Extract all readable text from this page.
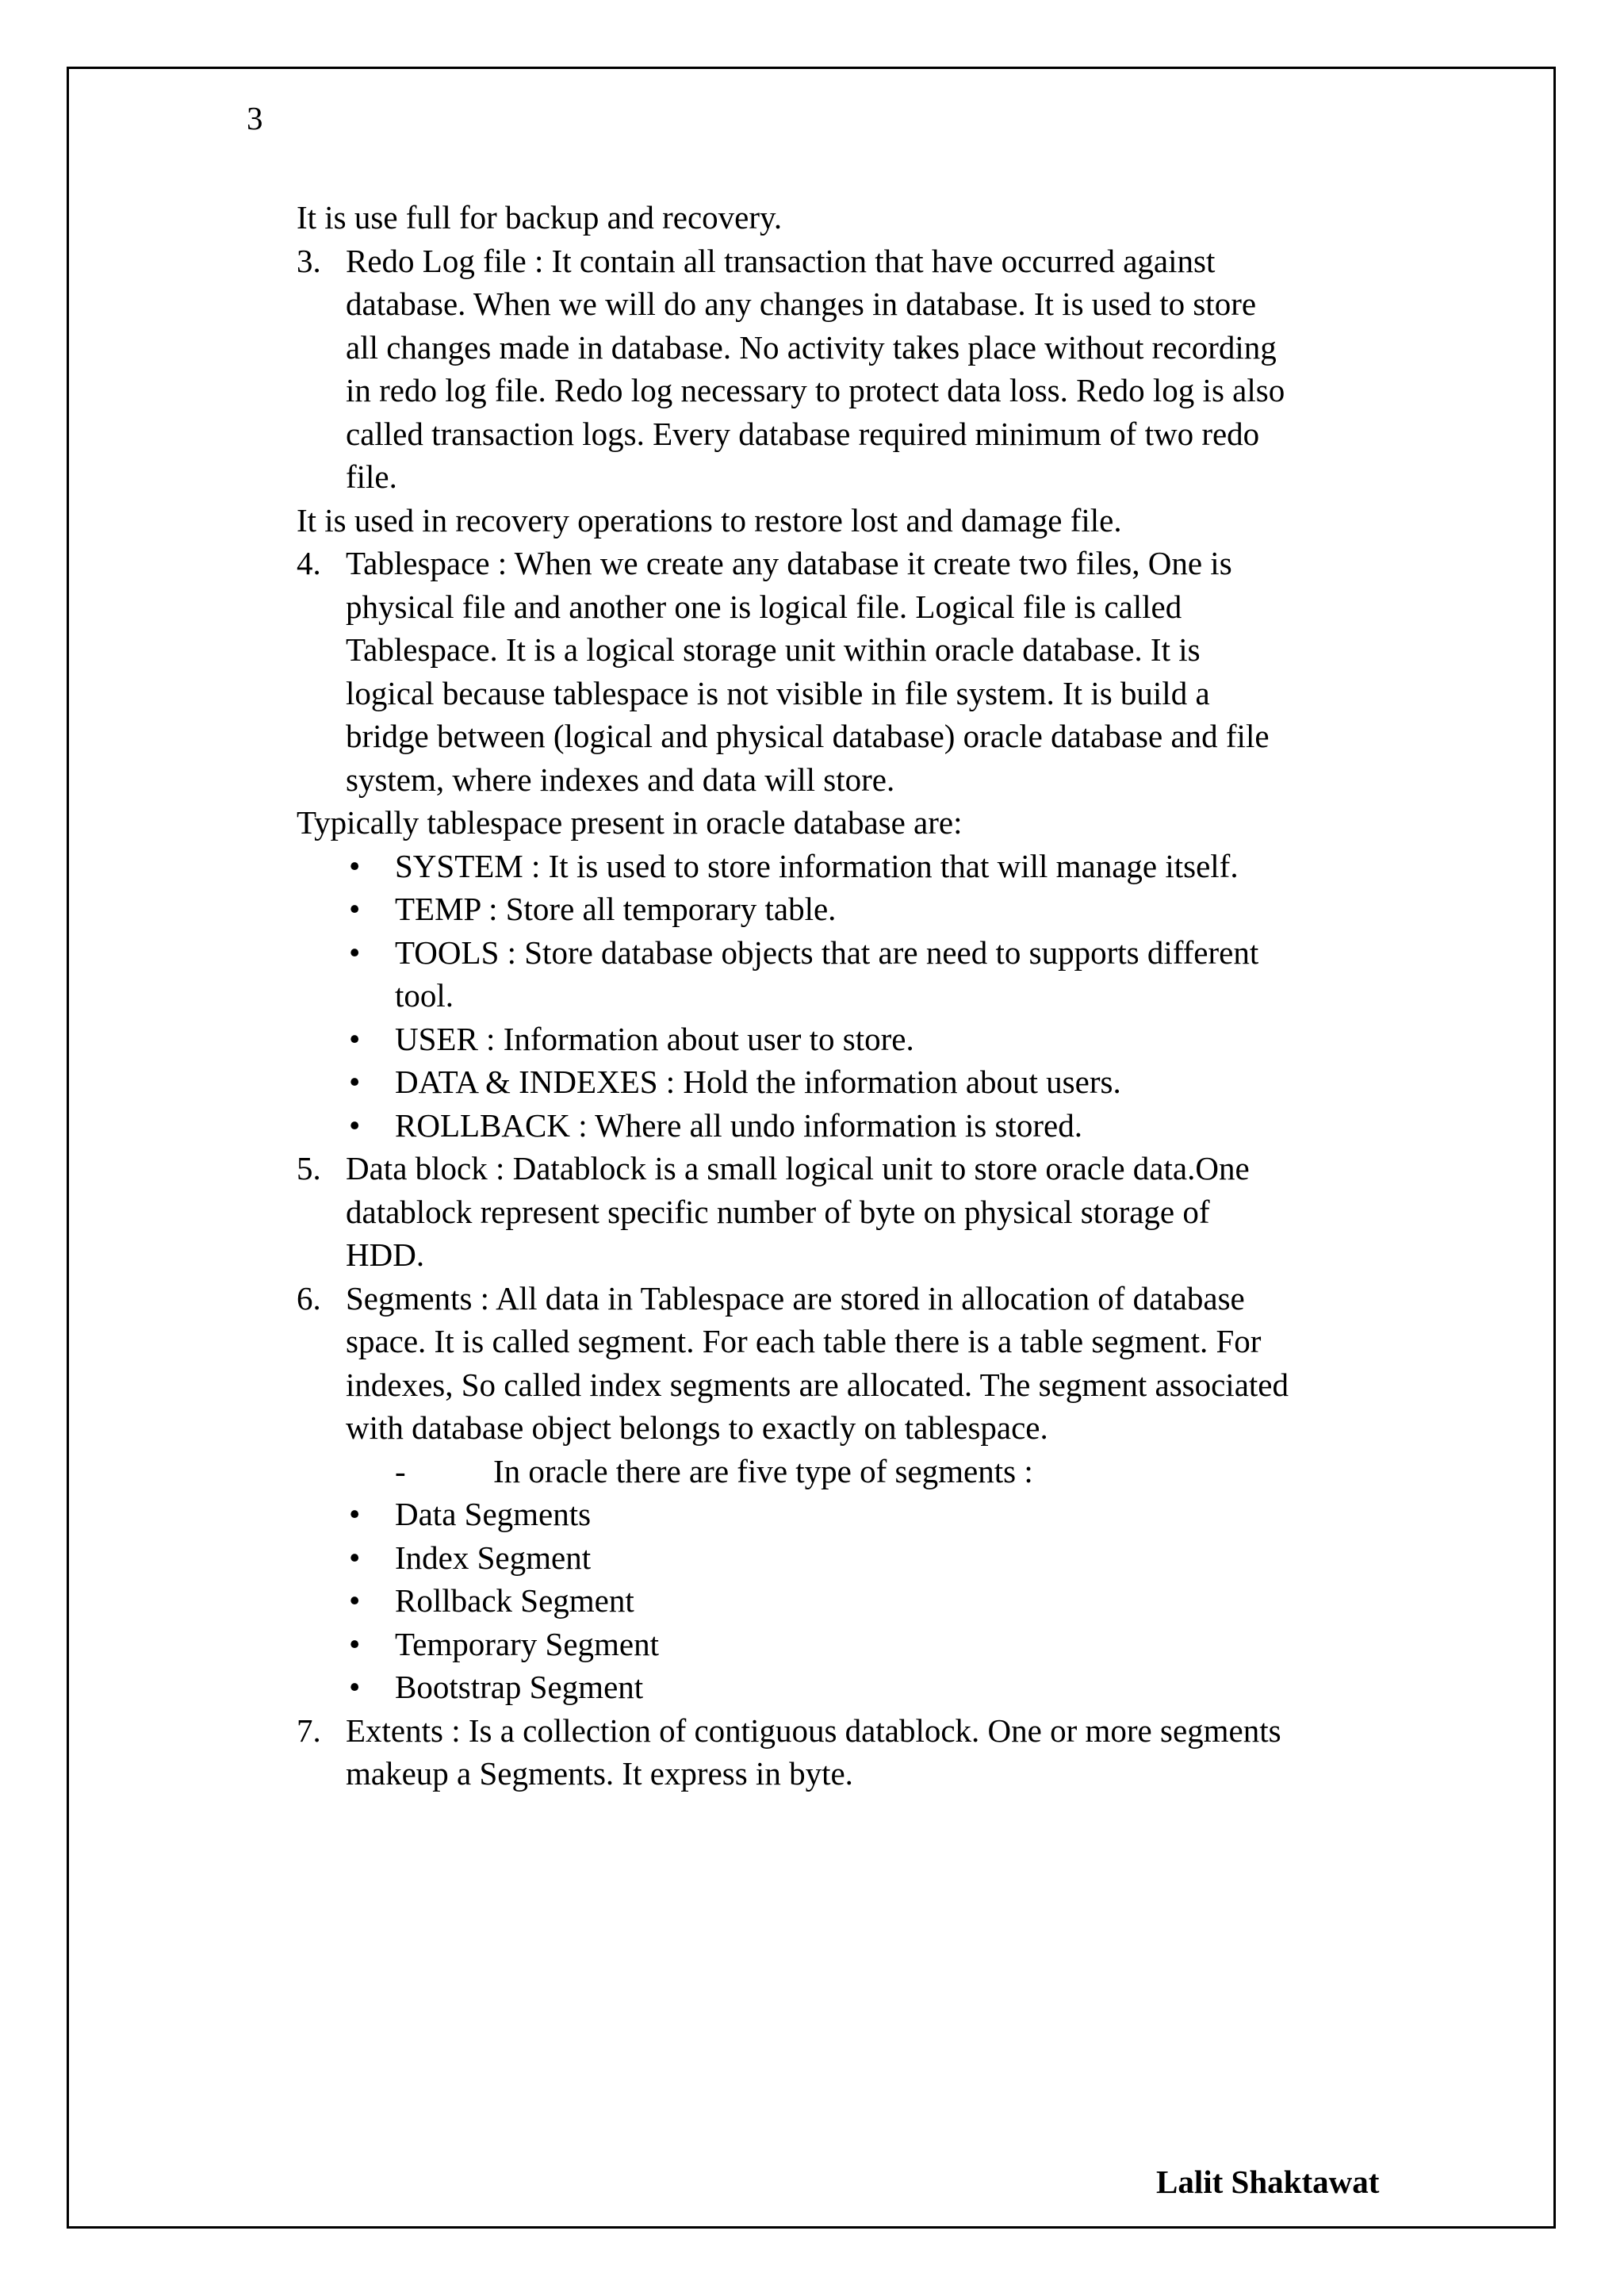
3

It is use full for backup and recovery.

3. Redo Log file : It contain all transaction that have occurred against
database. When we will do any changes in database. It is used to store
all changes made in database. No activity takes place without recording
in redo log file. Redo log necessary to protect data loss. Redo log is also
called transaction logs. Every database required minimum of two redo
file.

It is used in recovery operations to restore lost and damage file.

4. Tablespace : When we create any database it create two files, One is
physical file and another one is logical file. Logical file is called
Tablespace. It is a logical storage unit within oracle database. It is
logical because tablespace is not visible in file system. It is build a
bridge between (logical and physical database) oracle database and file
system, where indexes and data will store.

Typically tablespace present in oracle database are:

• SYSTEM : It is used to store information that will manage itself.
• TEMP : Store all temporary table.
• TOOLS : Store database objects that are need to supports different
tool.
• USER : Information about user to store.
• DATA & INDEXES : Hold the information about users.
• ROLLBACK : Where all undo information is stored.
5. Data block : Datablock is a small logical unit to store oracle data.One
datablock represent specific number of byte on physical storage of
HDD.
6. Segments : All data in Tablespace are stored in allocation of database
space. It is called segment. For each table there is a table segment. For
indexes, So called index segments are allocated. The segment associated
with database object belongs to exactly on tablespace.

-	In oracle there are five type of segments :

• Data Segments
• Index Segment
• Rollback Segment
• Temporary Segment
• Bootstrap Segment
7. Extents : Is a collection of contiguous datablock. One or more segments
makeup a Segments. It express in byte.
Lalit Shaktawat
